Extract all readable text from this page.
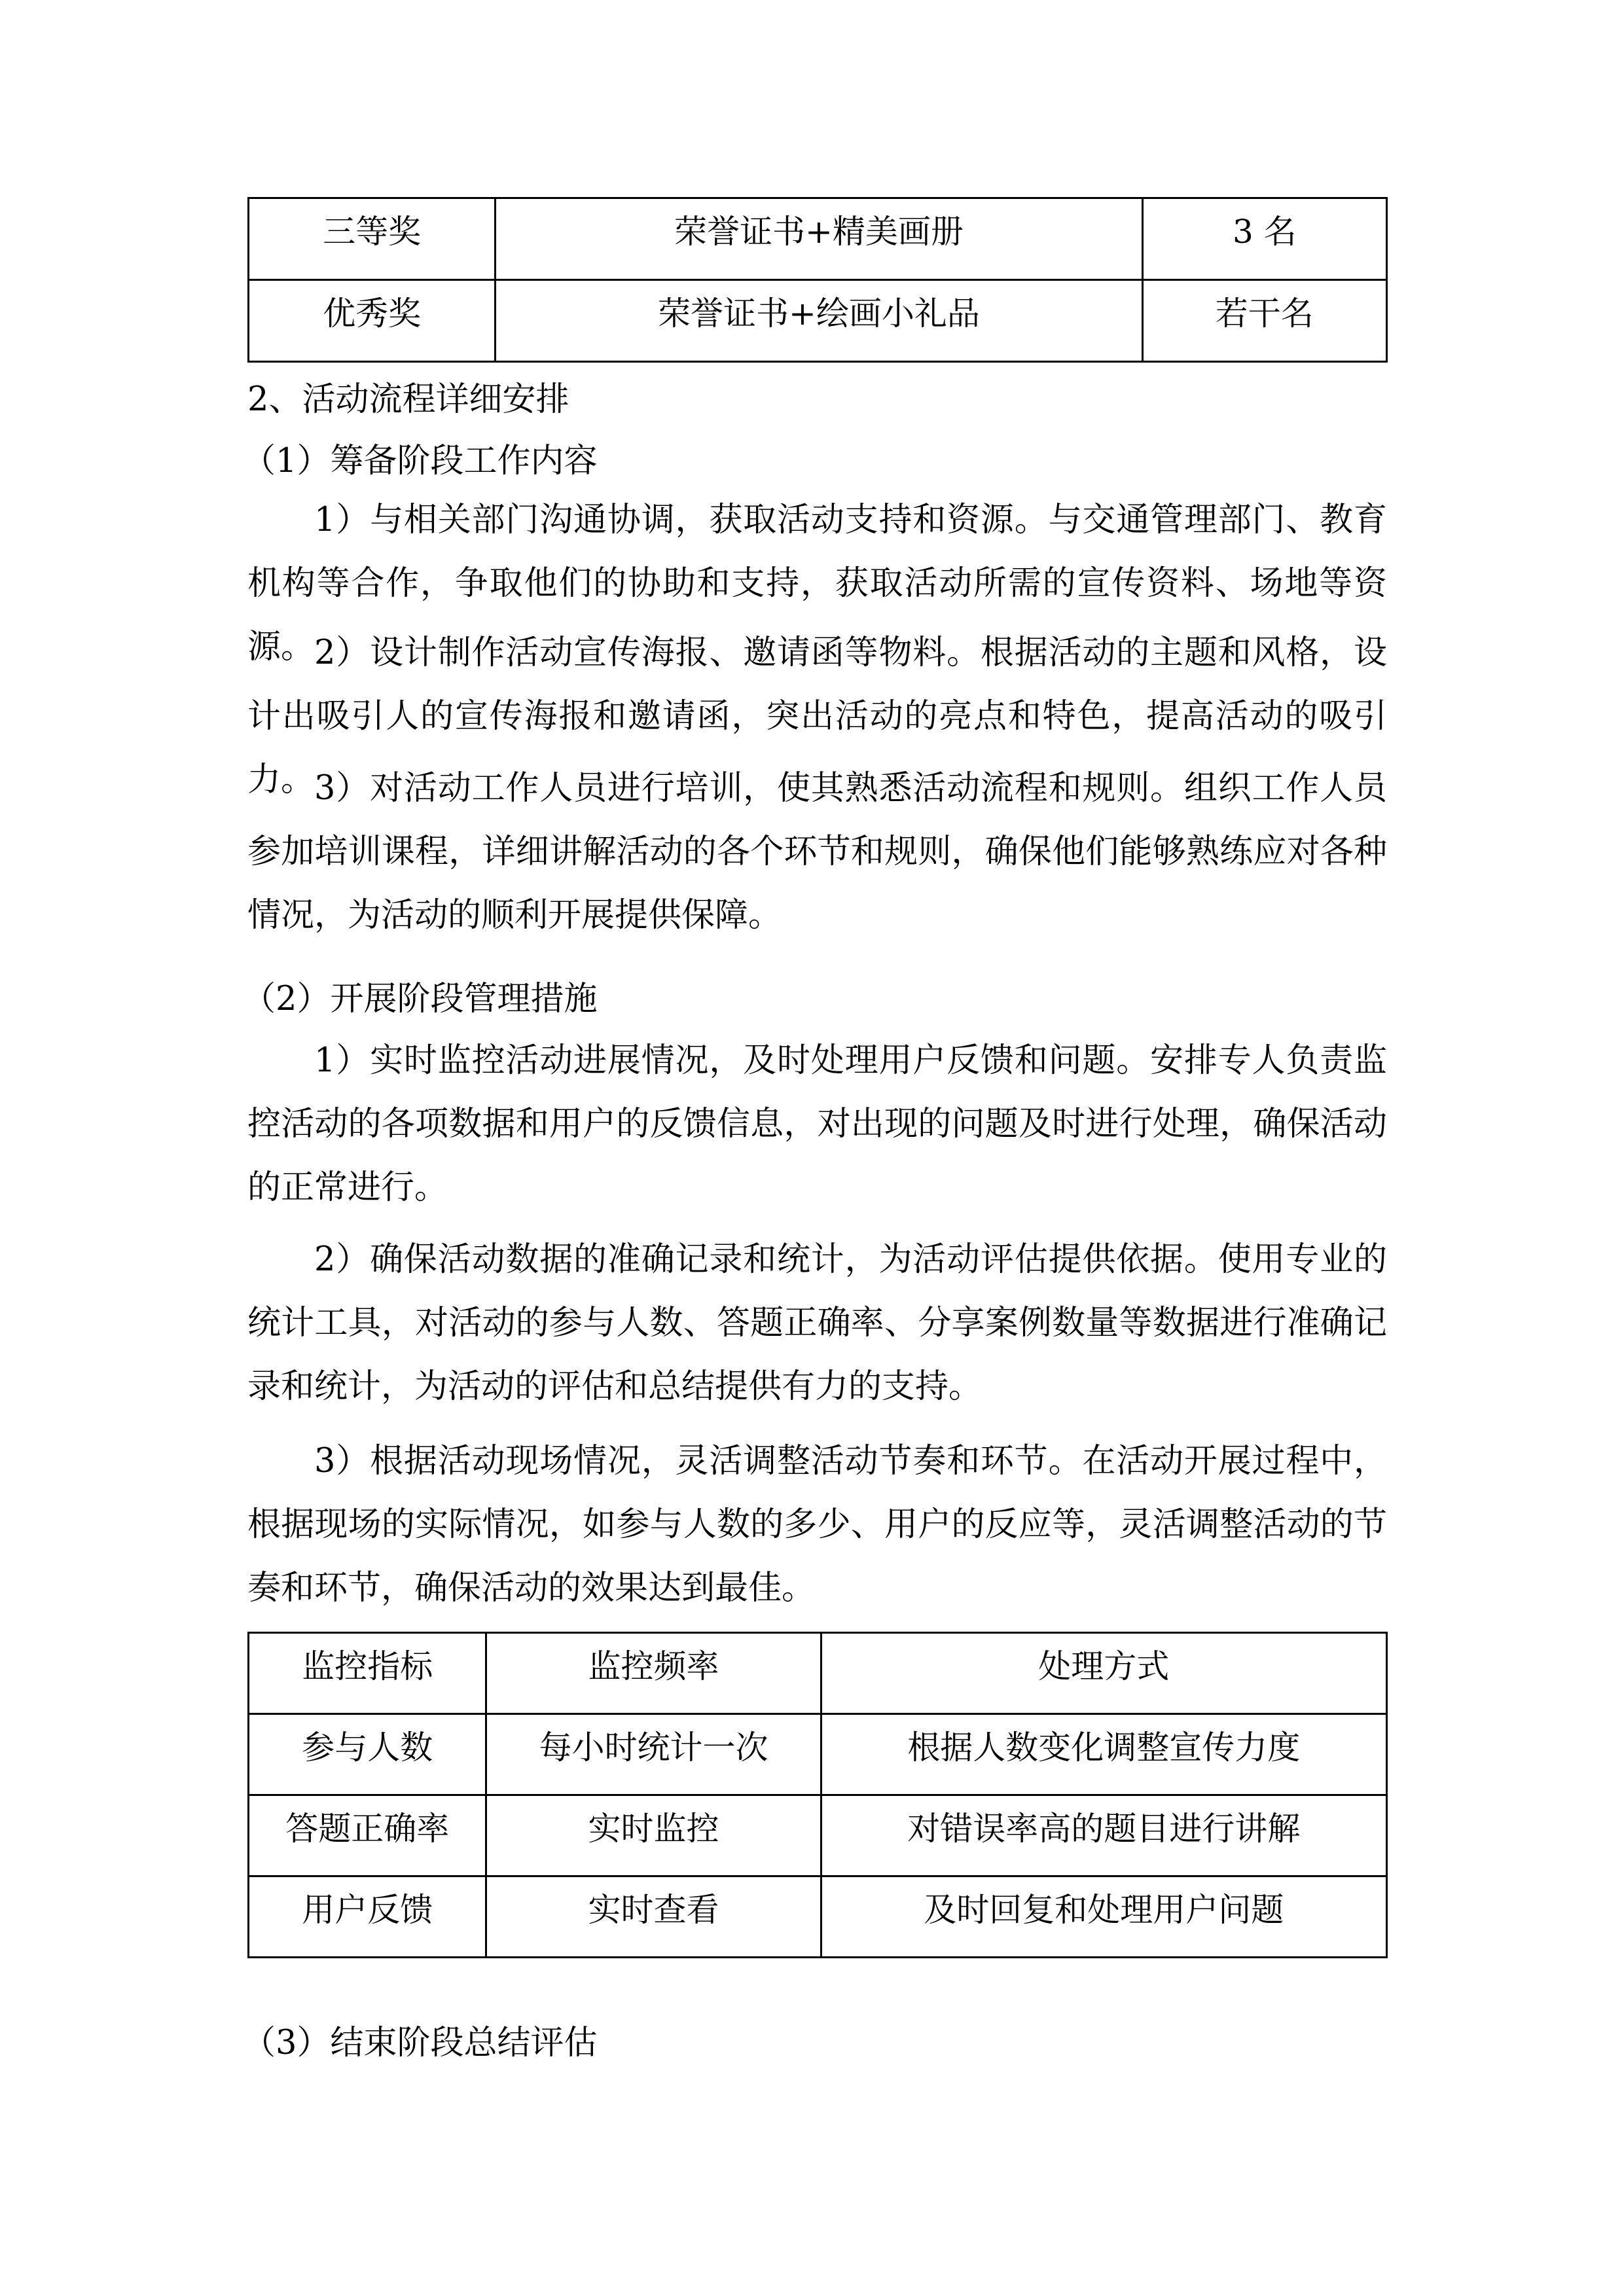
三等奖	荣誉证书+精美画册	3 名
优秀奖	荣誉证书+绘画小礼品	若干名
2、活动流程详细安排
（1）筹备阶段工作内容
1）与相关部门沟通协调，获取活动支持和资源。与交通管理部门、教育机构等合作，争取他们的协助和支持，获取活动所需的宣传资料、场地等资源。 2）设计制作活动宣传海报、邀请函等物料。根据活动的主题和风格，设计出吸引人的宣传海报和邀请函，突出活动的亮点和特色，提高活动的吸引力。 3）对活动工作人员进行培训，使其熟悉活动流程和规则。组织工作人员参加培训课程，详细讲解活动的各个环节和规则，确保他们能够熟练应对各种情况，为活动的顺利开展提供保障。
（2）开展阶段管理措施
1）实时监控活动进展情况，及时处理用户反馈和问题。安排专人负责监控活动的各项数据和用户的反馈信息，对出现的问题及时进行处理，确保活动的正常进行。
2）确保活动数据的准确记录和统计，为活动评估提供依据。使用专业的统计工具，对活动的参与人数、答题正确率、分享案例数量等数据进行准确记录和统计，为活动的评估和总结提供有力的支持。
3）根据活动现场情况，灵活调整活动节奏和环节。在活动开展过程中，根据现场的实际情况，如参与人数的多少、用户的反应等，灵活调整活动的节奏和环节，确保活动的效果达到最佳。
监控指标	监控频率	处理方式
参与人数	每小时统计一次	根据人数变化调整宣传力度
答题正确率	实时监控	对错误率高的题目进行讲解
用户反馈	实时查看	及时回复和处理用户问题
（3）结束阶段总结评估
